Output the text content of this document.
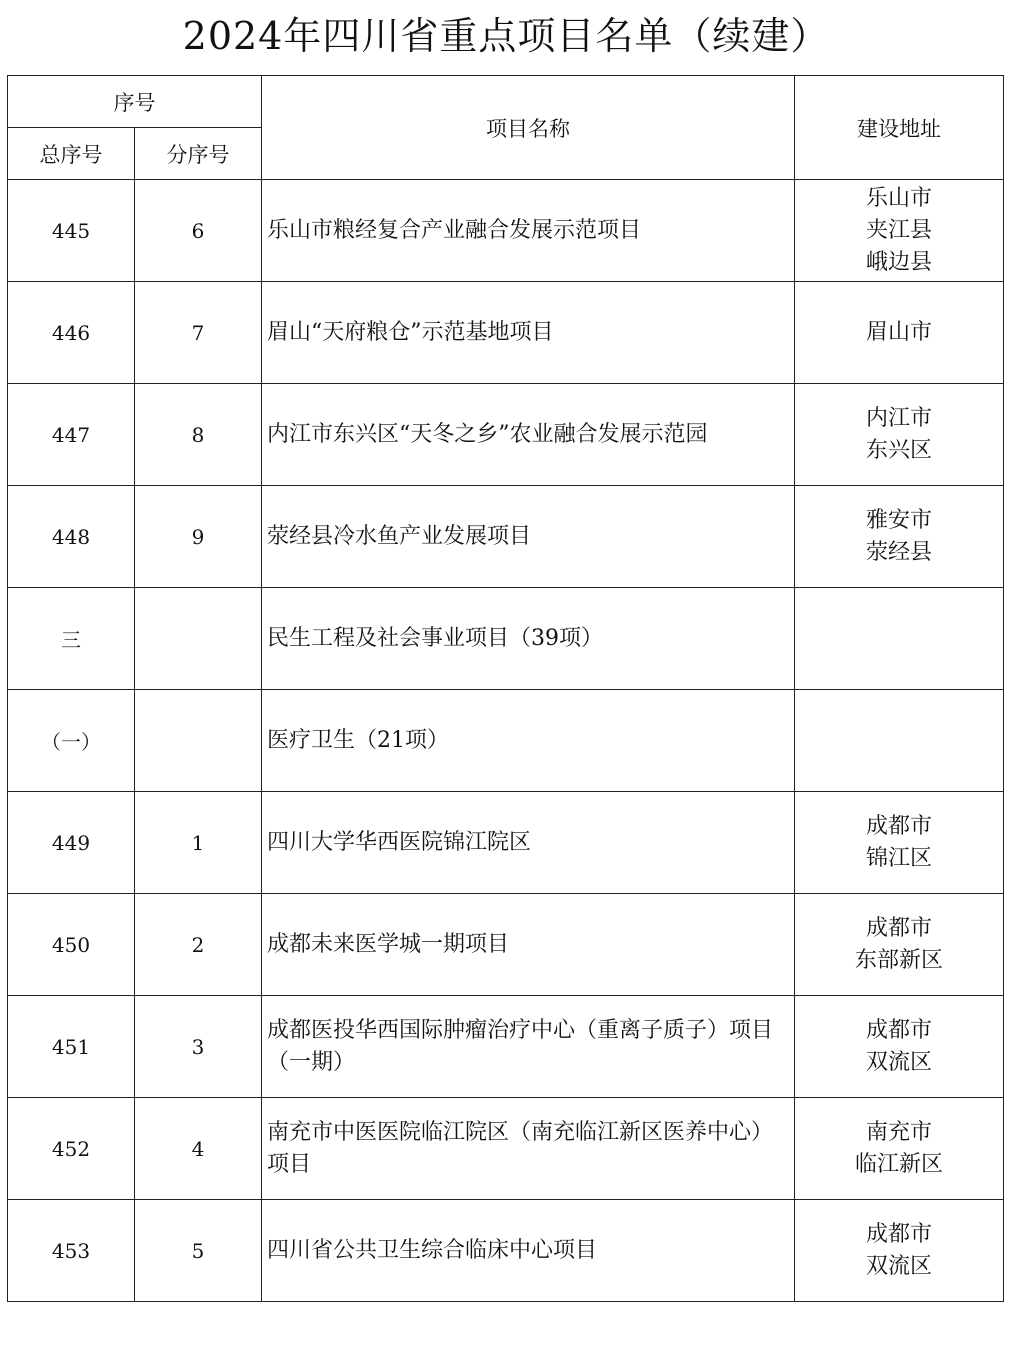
2024年四川省重点项目名单（续建）
序号		项目名称	建设地址
总序号	分序号		
445	6	乐山市粮经复合产业融合发展示范项目	乐山市
夹江县
峨边县

446	7	眉山“天府粮仓”示范基地项目	眉山市

447	8	内江市东兴区“天冬之乡”农业融合发展示范园	内江市
东兴区

448	9	荥经县冷水鱼产业发展项目	雅安市
荥经县

三		民生工程及社会事业项目（39项）	
（一）		医疗卫生（21项）	
449	1	四川大学华西医院锦江院区	成都市
锦江区

450	2	成都未来医学城一期项目	成都市
东部新区

451	3	成都医投华西国际肿瘤治疗中心（重离子质子）项目（一期）	成都市
双流区

452	4	南充市中医医院临江院区（南充临江新区医养中心）项目	南充市
临江新区

453	5	四川省公共卫生综合临床中心项目	成都市
双流区
